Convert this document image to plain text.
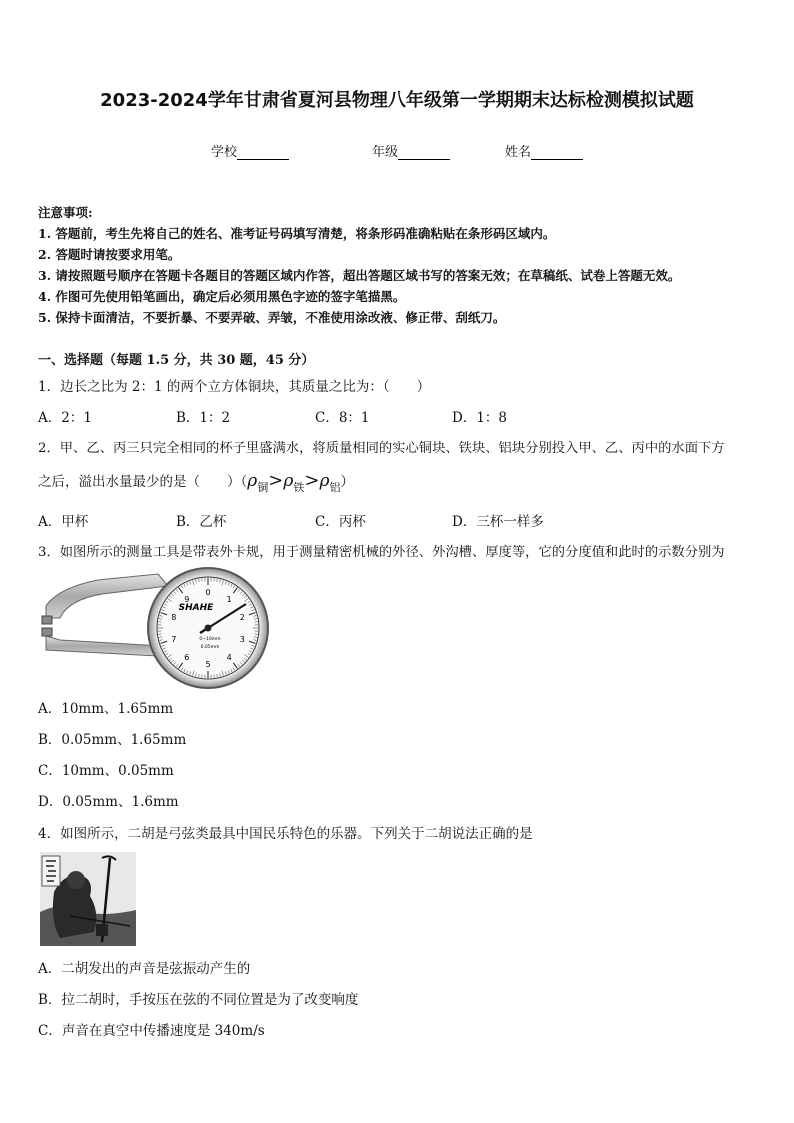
2023-2024学年甘肃省夏河县物理八年级第一学期期末达标检测模拟试题
学校	年级	姓名
注意事项:
1. 答题前，考生先将自己的姓名、准考证号码填写清楚，将条形码准确粘贴在条形码区域内。
2. 答题时请按要求用笔。
3. 请按照题号顺序在答题卡各题目的答题区域内作答，超出答题区域书写的答案无效；在草稿纸、试卷上答题无效。
4. 作图可先使用铅笔画出，确定后必须用黑色字迹的签字笔描黑。
5. 保持卡面清洁，不要折暴、不要弄破、弄皱，不准使用涂改液、修正带、刮纸刀。
一、选择题（每题 1.5 分，共 30 题，45 分）
1．边长之比为 2：1 的两个立方体铜块，其质量之比为：（　　）
A．2：1	B．1：2	C．8：1	D．1：8
2．甲、乙、丙三只完全相同的杯子里盛满水，将质量相同的实心铜块、铁块、铝块分别投入甲、乙、丙中的水面下方
之后，溢出水量最少的是（　　）$(\rho_铜>\rho_铁>\rho_铝)$
A．甲杯	B．乙杯	C．丙杯	D．三杯一样多
3．如图所示的测量工具是带表外卡规，用于测量精密机械的外径、外沟槽、厚度等，它的分度值和此时的示数分别为
0
1
2
3
4
5
6
7
8
9
SHAHE
0~10mm
0.05mm
A．10mm、1.65mm
B．0.05mm、1.65mm
C．10mm、0.05mm
D．0.05mm、1.6mm
4．如图所示，二胡是弓弦类最具中国民乐特色的乐器。下列关于二胡说法正确的是
A．二胡发出的声音是弦振动产生的
B．拉二胡时，手按压在弦的不同位置是为了改变响度
C．声音在真空中传播速度是 340m/s
